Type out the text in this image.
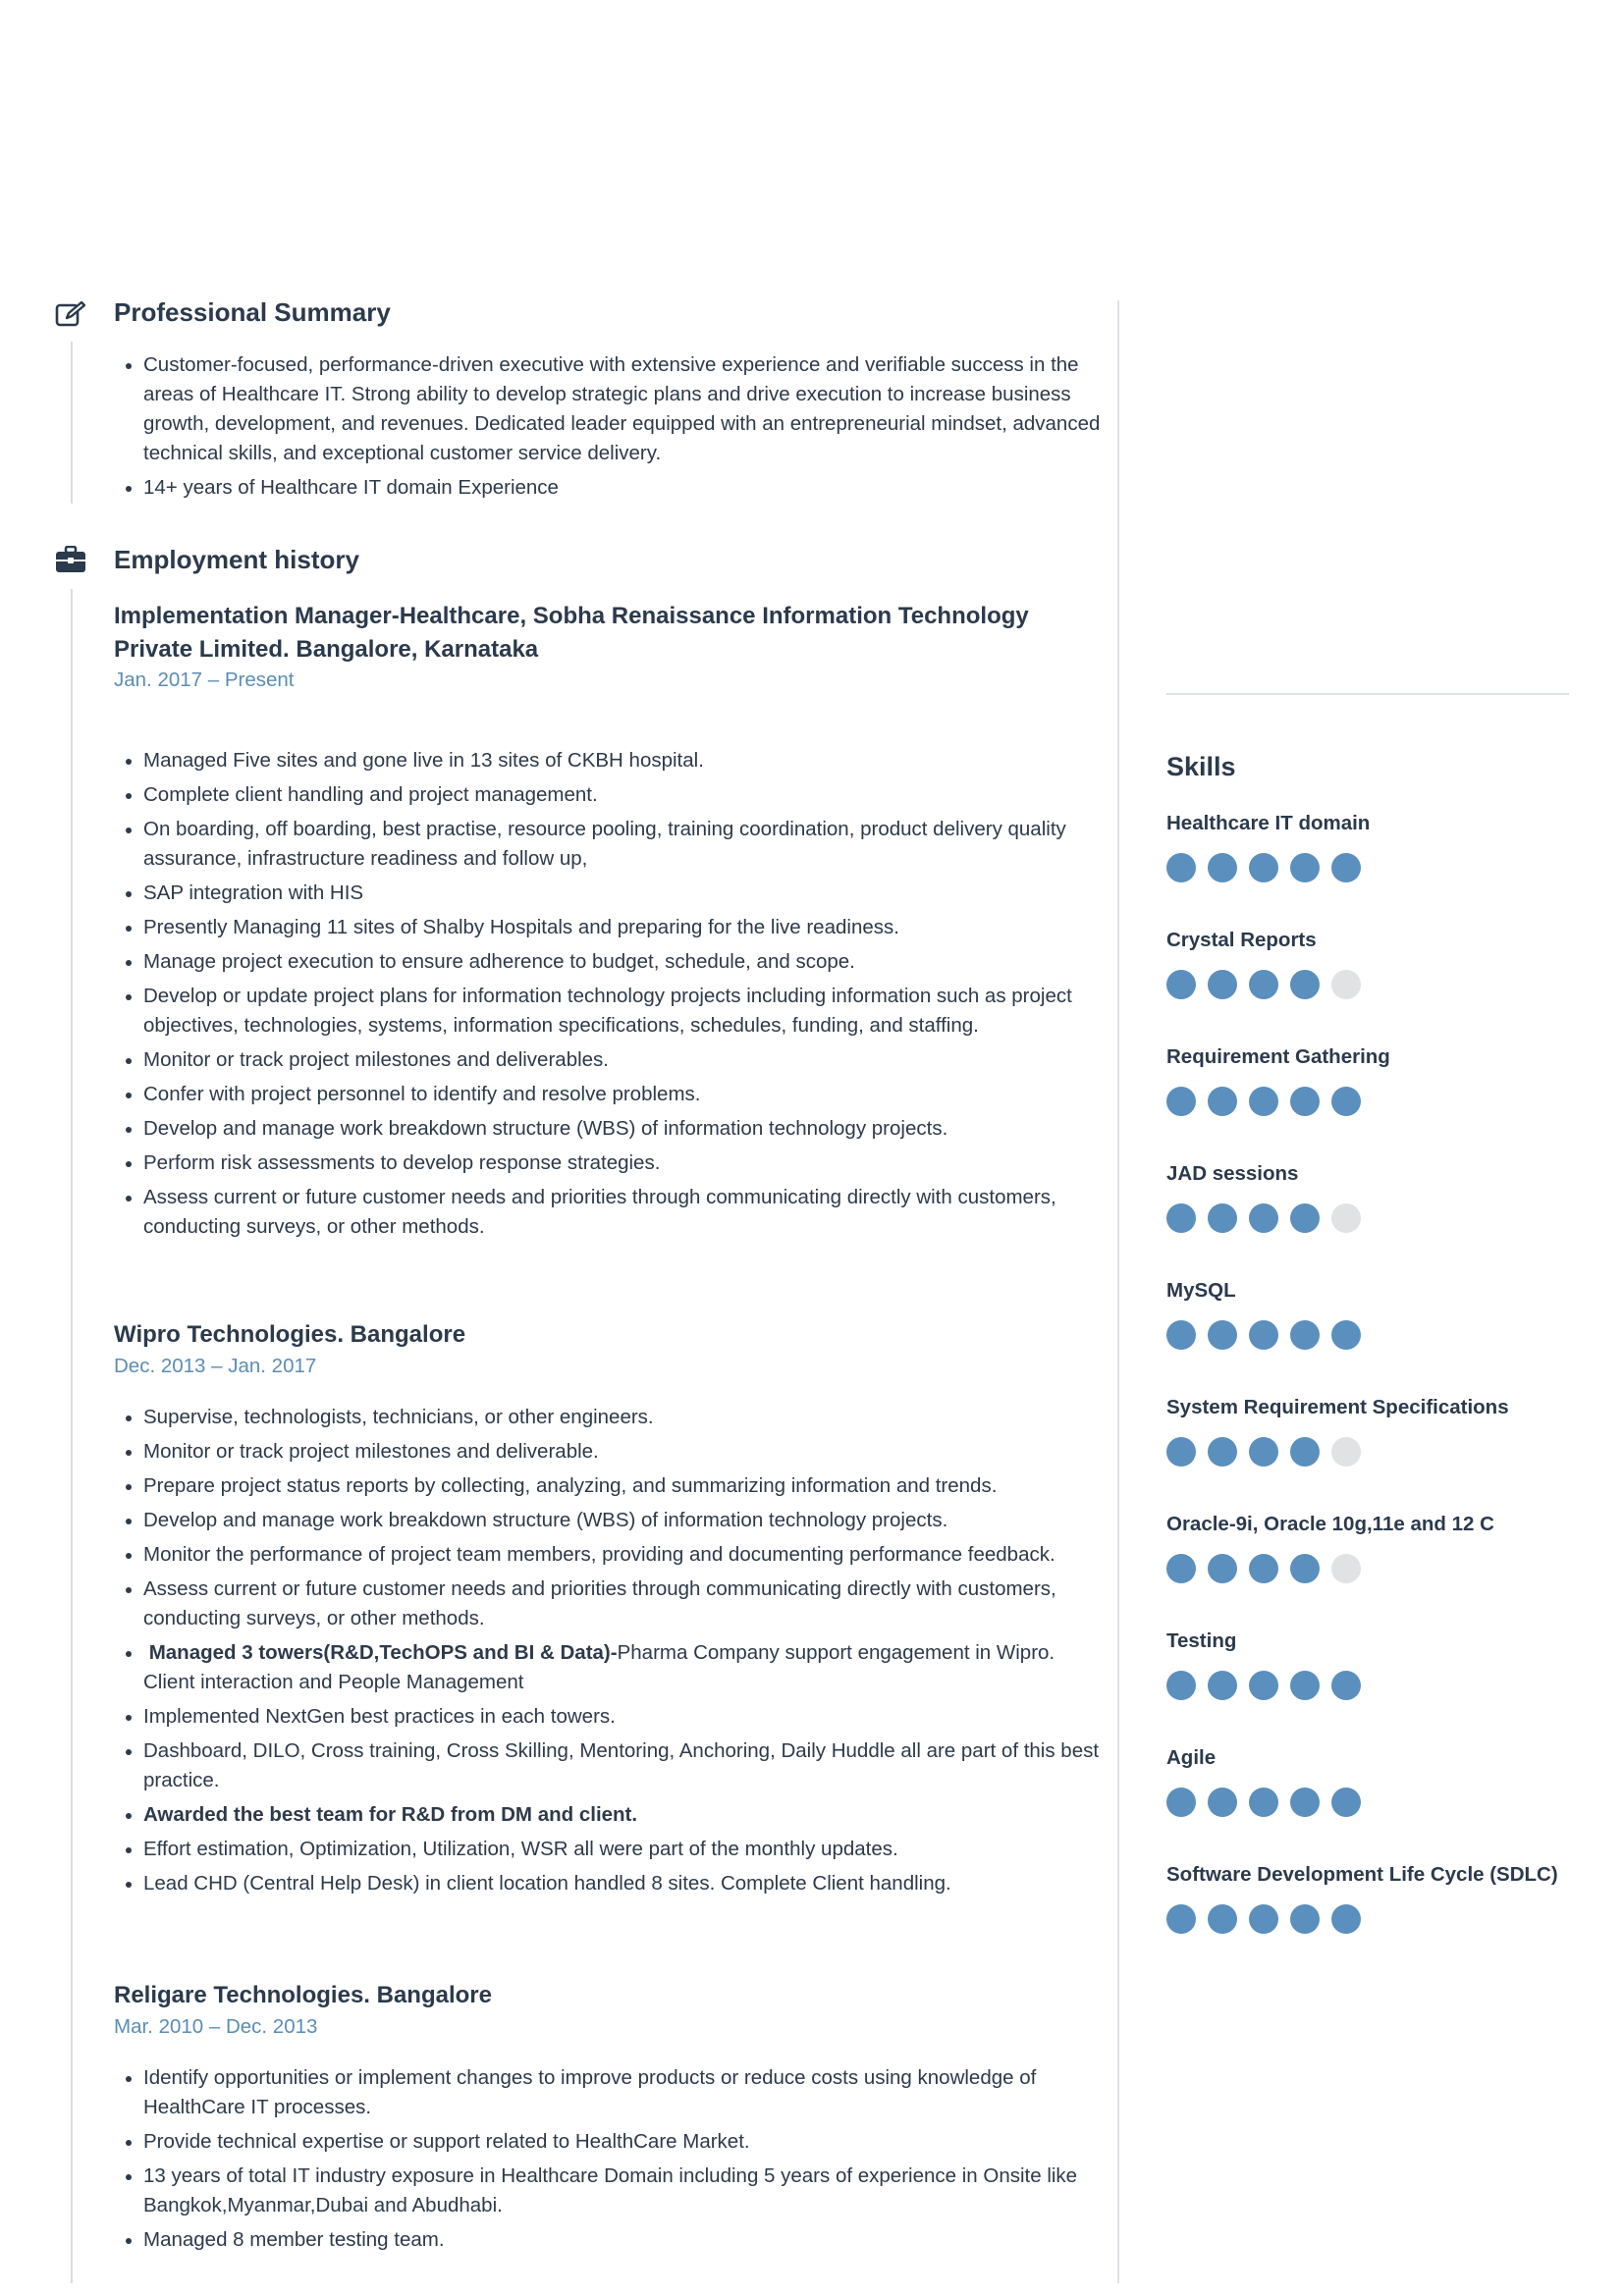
Professional Summary
Customer-focused, performance-driven executive with extensive experience and verifiable success in the areas of Healthcare IT. Strong ability to develop strategic plans and drive execution to increase business growth, development, and revenues. Dedicated leader equipped with an entrepreneurial mindset, advanced technical skills, and exceptional customer service delivery.
14+ years of Healthcare IT domain Experience
Employment history
Implementation Manager-Healthcare, Sobha Renaissance Information Technology Private Limited. Bangalore, Karnataka
Jan. 2017 – Present
Managed Five sites and gone live in 13 sites of CKBH hospital.
Complete client handling and project management.
On boarding, off boarding, best practise, resource pooling, training coordination, product delivery quality assurance, infrastructure readiness and follow up,
SAP integration with HIS
Presently Managing 11 sites of Shalby Hospitals and preparing for the live readiness.
Manage project execution to ensure adherence to budget, schedule, and scope.
Develop or update project plans for information technology projects including information such as project objectives, technologies, systems, information specifications, schedules, funding, and staffing.
Monitor or track project milestones and deliverables.
Confer with project personnel to identify and resolve problems.
Develop and manage work breakdown structure (WBS) of information technology projects.
Perform risk assessments to develop response strategies.
Assess current or future customer needs and priorities through communicating directly with customers, conducting surveys, or other methods.
Wipro Technologies. Bangalore
Dec. 2013 – Jan. 2017
Supervise, technologists, technicians, or other engineers.
Monitor or track project milestones and deliverable.
Prepare project status reports by collecting, analyzing, and summarizing information and trends.
Develop and manage work breakdown structure (WBS) of information technology projects.
Monitor the performance of project team members, providing and documenting performance feedback.
Assess current or future customer needs and priorities through communicating directly with customers, conducting surveys, or other methods.
Managed 3 towers(R&D,TechOPS and BI & Data)-Pharma Company support engagement in Wipro. Client interaction and People Management
Implemented NextGen best practices in each towers.
Dashboard, DILO, Cross training, Cross Skilling, Mentoring, Anchoring, Daily Huddle all are part of this best practice.
Awarded the best team for R&D from DM and client.
Effort estimation, Optimization, Utilization, WSR all were part of the monthly updates.
Lead CHD (Central Help Desk) in client location handled 8 sites. Complete Client handling.
Religare Technologies. Bangalore
Mar. 2010 – Dec. 2013
Identify opportunities or implement changes to improve products or reduce costs using knowledge of HealthCare IT processes.
Provide technical expertise or support related to HealthCare Market.
13 years of total IT industry exposure in Healthcare Domain including 5 years of experience in Onsite like Bangkok,Myanmar,Dubai and Abudhabi.
Managed 8 member testing team.
Skills
Healthcare IT domain
Crystal Reports
Requirement Gathering
JAD sessions
MySQL
System Requirement Specifications
Oracle-9i, Oracle 10g,11e and 12 C
Testing
Agile
Software Development Life Cycle (SDLC)
